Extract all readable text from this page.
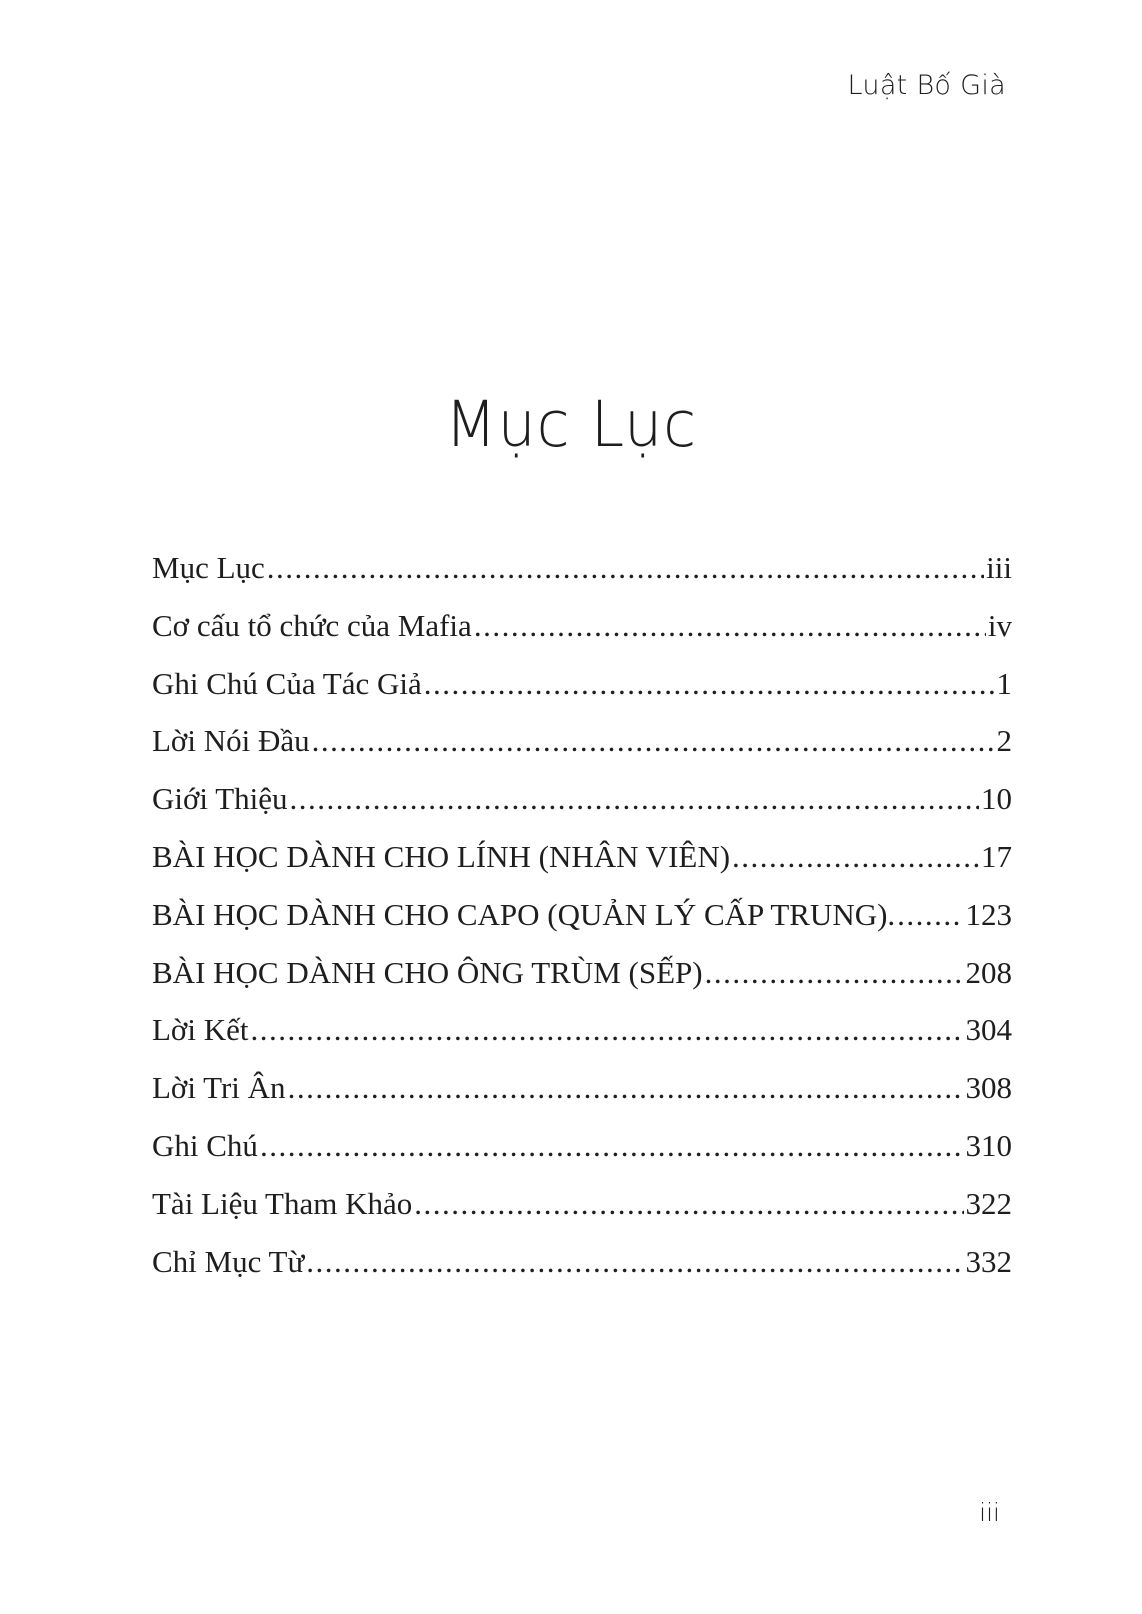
Luật Bố Già
Mục Lục
Mục Lục .....	iii
Cơ cấu tổ chức của Mafia .....	iv
Ghi Chú Của Tác Giả .....	1
Lời Nói Đầu .....	2
Giới Thiệu .....	10
BÀI HỌC DÀNH CHO LÍNH (NHÂN VIÊN) .....	17
BÀI HỌC DÀNH CHO CAPO (QUẢN LÝ CẤP TRUNG). ..... 123
BÀI HỌC DÀNH CHO ÔNG TRÙM (SẾP) .....	208
Lời Kết .....	304
Lời Tri Ân .....	308
Ghi Chú .....	310
Tài Liệu Tham Khảo .....	322
Chỉ Mục Từ .....	332
iii
